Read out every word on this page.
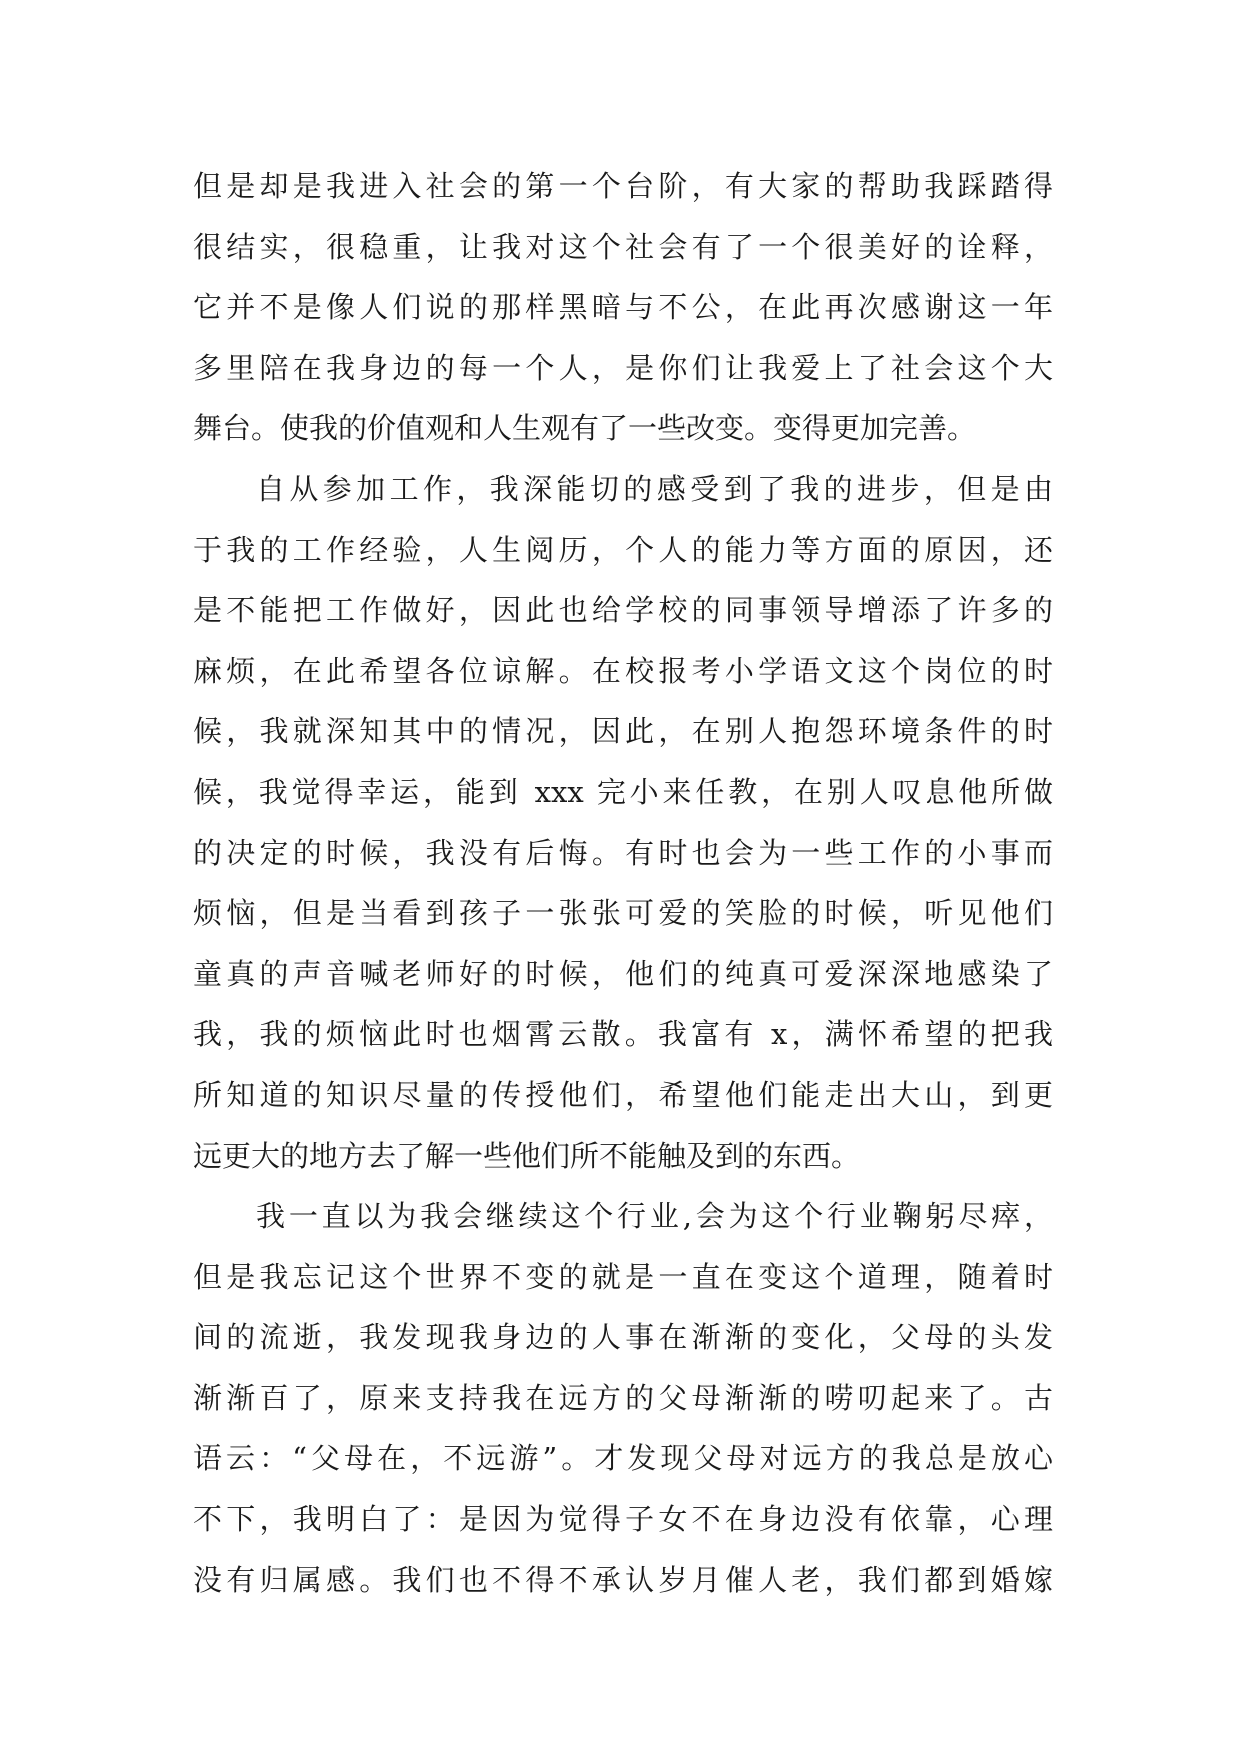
但是却是我进入社会的第一个台阶，有大家的帮助我踩踏得
很结实，很稳重，让我对这个社会有了一个很美好的诠释，
它并不是像人们说的那样黑暗与不公，在此再次感谢这一年
多里陪在我身边的每一个人，是你们让我爱上了社会这个大
舞台。使我的价值观和人生观有了一些改变。变得更加完善。
自从参加工作，我深能切的感受到了我的进步，但是由
于我的工作经验，人生阅历，个人的能力等方面的原因，还
是不能把工作做好，因此也给学校的同事领导增添了许多的
麻烦，在此希望各位谅解。在校报考小学语文这个岗位的时
候，我就深知其中的情况，因此，在别人抱怨环境条件的时
候，我觉得幸运，能到 xxx 完小来任教，在别人叹息他所做
的决定的时候，我没有后悔。有时也会为一些工作的小事而
烦恼，但是当看到孩子一张张可爱的笑脸的时候，听见他们
童真的声音喊老师好的时候，他们的纯真可爱深深地感染了
我，我的烦恼此时也烟霄云散。我富有 x，满怀希望的把我
所知道的知识尽量的传授他们，希望他们能走出大山，到更
远更大的地方去了解一些他们所不能触及到的东西。
我一直以为我会继续这个行业,会为这个行业鞠躬尽瘁，
但是我忘记这个世界不变的就是一直在变这个道理，随着时
间的流逝，我发现我身边的人事在渐渐的变化，父母的头发
渐渐百了，原来支持我在远方的父母渐渐的唠叨起来了。古
语云：“父母在，不远游”。才发现父母对远方的我总是放心
不下，我明白了：是因为觉得子女不在身边没有依靠，心理
没有归属感。我们也不得不承认岁月催人老，我们都到婚嫁
